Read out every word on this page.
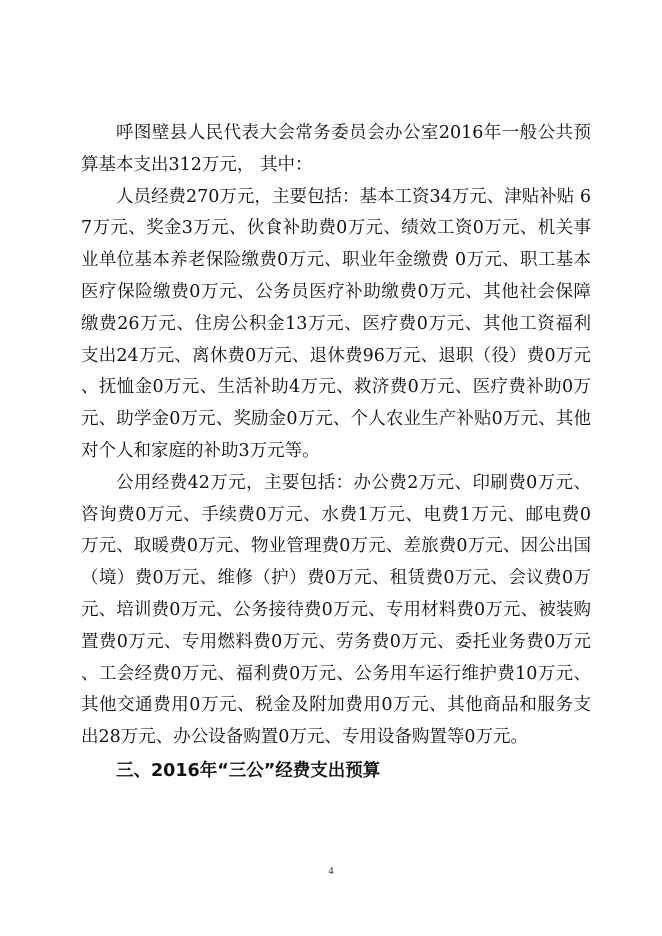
呼图壁县人民代表大会常务委员会办公室2016年一般公共预算基本支出312万元， 其中：

人员经费270万元，主要包括：基本工资34万元、津贴补贴 67万元、奖金3万元、伙食补助费0万元、绩效工资0万元、机关事业单位基本养老保险缴费0万元、职业年金缴费 0万元、职工基本医疗保险缴费0万元、公务员医疗补助缴费0万元、其他社会保障缴费26万元、住房公积金13万元、医疗费0万元、其他工资福利支出24万元、离休费0万元、退休费96万元、退职（役）费0万元、抚恤金0万元、生活补助4万元、救济费0万元、医疗费补助0万元、助学金0万元、奖励金0万元、个人农业生产补贴0万元、其他对个人和家庭的补助3万元等。

公用经费42万元，主要包括：办公费2万元、印刷费0万元、咨询费0万元、手续费0万元、水费1万元、电费1万元、邮电费0万元、取暖费0万元、物业管理费0万元、差旅费0万元、因公出国（境）费0万元、维修（护）费0万元、租赁费0万元、会议费0万元、培训费0万元、公务接待费0万元、专用材料费0万元、被装购置费0万元、专用燃料费0万元、劳务费0万元、委托业务费0万元、工会经费0万元、福利费0万元、公务用车运行维护费10万元、其他交通费用0万元、税金及附加费用0万元、其他商品和服务支出28万元、办公设备购置0万元、专用设备购置等0万元。

三、2016年“三公”经费支出预算

4
